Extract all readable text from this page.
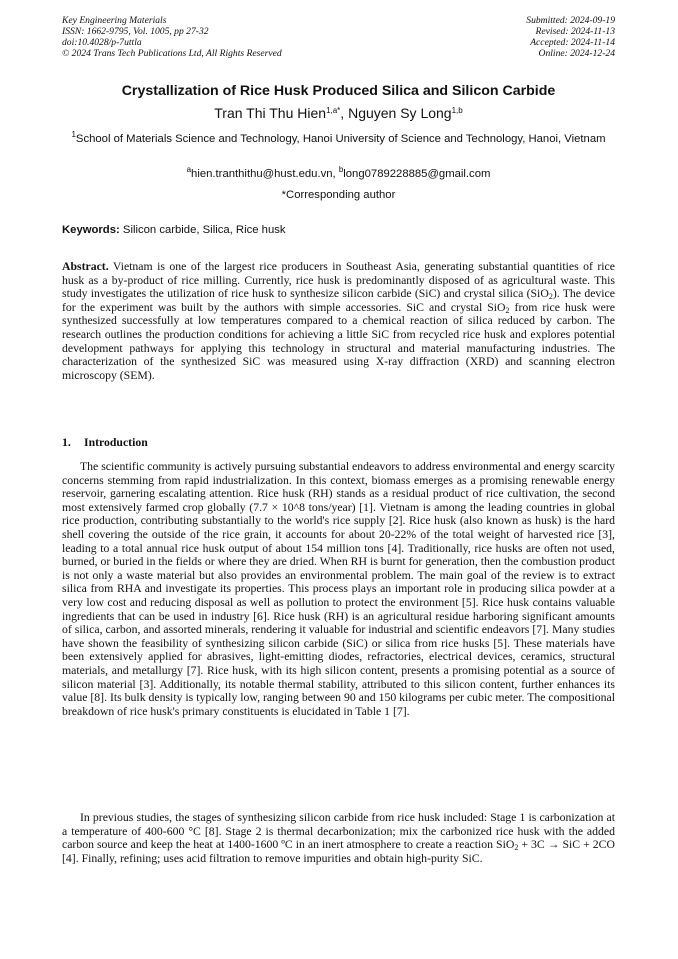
Key Engineering Materials
ISSN: 1662-9795, Vol. 1005, pp 27-32
doi:10.4028/p-7uttla
© 2024 Trans Tech Publications Ltd, All Rights Reserved
Submitted: 2024-09-19
Revised: 2024-11-13
Accepted: 2024-11-14
Online: 2024-12-24
Crystallization of Rice Husk Produced Silica and Silicon Carbide
Tran Thi Thu Hien$^{1,a*}$, Nguyen Sy Long$^{1,b}$
$^1$School of Materials Science and Technology, Hanoi University of Science and Technology, Hanoi, Vietnam
$^a$hien.tranthithu@hust.edu.vn, $^b$long0789228885@gmail.com
*Corresponding author
Keywords: Silicon carbide, Silica, Rice husk
Abstract. Vietnam is one of the largest rice producers in Southeast Asia, generating substantial quantities of rice husk as a by-product of rice milling. Currently, rice husk is predominantly disposed of as agricultural waste. This study investigates the utilization of rice husk to synthesize silicon carbide (SiC) and crystal silica (SiO$_2$). The device for the experiment was built by the authors with simple accessories. SiC and crystal SiO$_2$ from rice husk were synthesized successfully at low temperatures compared to a chemical reaction of silica reduced by carbon. The research outlines the production conditions for achieving a little SiC from recycled rice husk and explores potential development pathways for applying this technology in structural and material manufacturing industries. The characterization of the synthesized SiC was measured using X-ray diffraction (XRD) and scanning electron microscopy (SEM).
1. Introduction
The scientific community is actively pursuing substantial endeavors to address environmental and energy scarcity concerns stemming from rapid industrialization. In this context, biomass emerges as a promising renewable energy reservoir, garnering escalating attention. Rice husk (RH) stands as a residual product of rice cultivation, the second most extensively farmed crop globally (7.7 × 10^8 tons/year) [1]. Vietnam is among the leading countries in global rice production, contributing substantially to the world's rice supply [2]. Rice husk (also known as husk) is the hard shell covering the outside of the rice grain, it accounts for about 20-22% of the total weight of harvested rice [3], leading to a total annual rice husk output of about 154 million tons [4]. Traditionally, rice husks are often not used, burned, or buried in the fields or where they are dried. When RH is burnt for generation, then the combustion product is not only a waste material but also provides an environmental problem. The main goal of the review is to extract silica from RHA and investigate its properties. This process plays an important role in producing silica powder at a very low cost and reducing disposal as well as pollution to protect the environment [5]. Rice husk contains valuable ingredients that can be used in industry [6]. Rice husk (RH) is an agricultural residue harboring significant amounts of silica, carbon, and assorted minerals, rendering it valuable for industrial and scientific endeavors [7]. Many studies have shown the feasibility of synthesizing silicon carbide (SiC) or silica from rice husks [5]. These materials have been extensively applied for abrasives, light-emitting diodes, refractories, electrical devices, ceramics, structural materials, and metallurgy [7]. Rice husk, with its high silicon content, presents a promising potential as a source of silicon material [3]. Additionally, its notable thermal stability, attributed to this silicon content, further enhances its value [8]. Its bulk density is typically low, ranging between 90 and 150 kilograms per cubic meter. The compositional breakdown of rice husk's primary constituents is elucidated in Table 1 [7].
In previous studies, the stages of synthesizing silicon carbide from rice husk included: Stage 1 is carbonization at a temperature of 400-600 °C [8]. Stage 2 is thermal decarbonization; mix the carbonized rice husk with the added carbon source and keep the heat at 1400-1600 ºC in an inert atmosphere to create a reaction SiO$_2$ + 3C → SiC + 2CO [4]. Finally, refining; uses acid filtration to remove impurities and obtain high-purity SiC.
